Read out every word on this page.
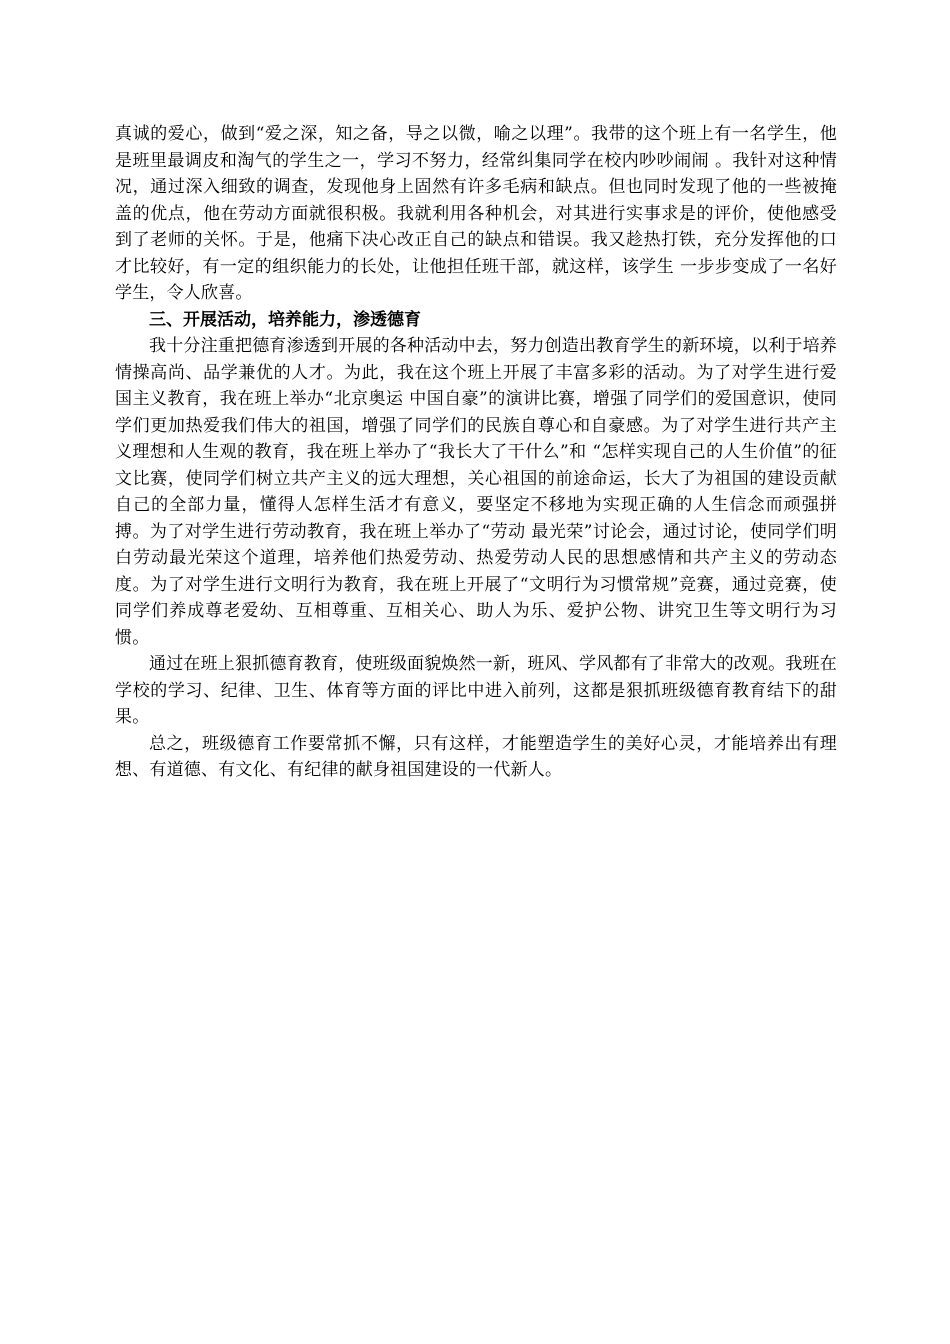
真诚的爱心，做到“爱之深，知之备，导之以微，喻之以理”。我带的这个班上有一名学生，他是班里最调皮和淘气的学生之一，学习不努力，经常纠集同学在校内吵吵闹闹 。我针对这种情况，通过深入细致的调查，发现他身上固然有许多毛病和缺点。但也同时发现了他的一些被掩盖的优点，他在劳动方面就很积极。我就利用各种机会，对其进行实事求是的评价，使他感受到了老师的关怀。于是，他痛下决心改正自己的缺点和错误。我又趁热打铁，充分发挥他的口才比较好，有一定的组织能力的长处，让他担任班干部，就这样，该学生 一步步变成了一名好学生，令人欣喜。

三、开展活动，培养能力，渗透德育

我十分注重把德育渗透到开展的各种活动中去，努力创造出教育学生的新环境，以利于培养情操高尚、品学兼优的人才。为此，我在这个班上开展了丰富多彩的活动。为了对学生进行爱国主义教育，我在班上举办“北京奥运 中国自豪”的演讲比赛，增强了同学们的爱国意识，使同学们更加热爱我们伟大的祖国，增强了同学们的民族自尊心和自豪感。为了对学生进行共产主义理想和人生观的教育，我在班上举办了“我长大了干什么”和 “怎样实现自己的人生价值”的征文比赛，使同学们树立共产主义的远大理想，关心祖国的前途命运，长大了为祖国的建设贡献自己的全部力量，懂得人怎样生活才有意义，要坚定不移地为实现正确的人生信念而顽强拼搏。为了对学生进行劳动教育，我在班上举办了“劳动 最光荣”讨论会，通过讨论，使同学们明白劳动最光荣这个道理，培养他们热爱劳动、热爱劳动人民的思想感情和共产主义的劳动态度。为了对学生进行文明行为教育，我在班上开展了“文明行为习惯常规”竞赛，通过竞赛，使同学们养成尊老爱幼、互相尊重、互相关心、助人为乐、爱护公物、讲究卫生等文明行为习惯。

通过在班上狠抓德育教育，使班级面貌焕然一新，班风、学风都有了非常大的改观。我班在学校的学习、纪律、卫生、体育等方面的评比中进入前列，这都是狠抓班级德育教育结下的甜果。

总之，班级德育工作要常抓不懈，只有这样，才能塑造学生的美好心灵，才能培养出有理想、有道德、有文化、有纪律的献身祖国建设的一代新人。
